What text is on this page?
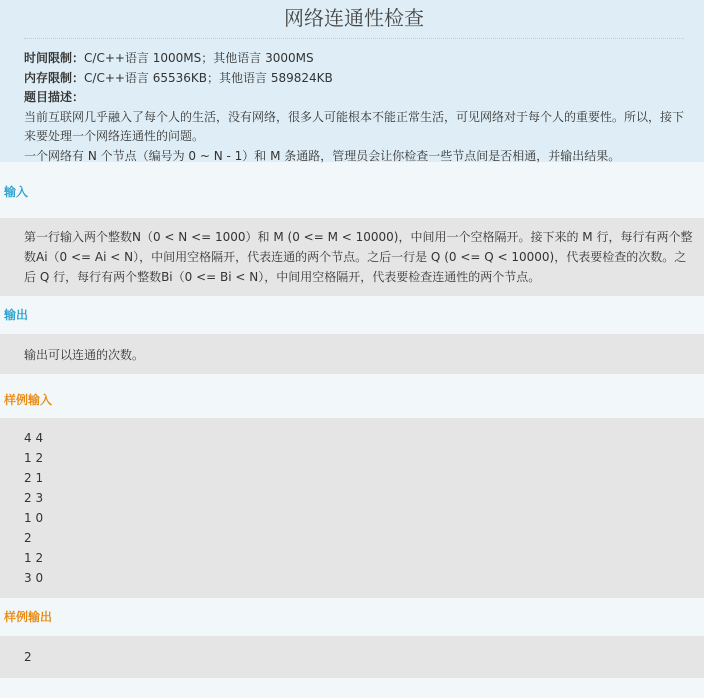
网络连通性检查
时间限制：C/C++语言 1000MS；其他语言 3000MS
内存限制：C/C++语言 65536KB；其他语言 589824KB
题目描述：
当前互联网几乎融入了每个人的生活，没有网络，很多人可能根本不能正常生活，可见网络对于每个人的重要性。所以，接下来要处理一个网络连通性的问题。
一个网络有 N 个节点（编号为 0 ~ N - 1）和 M 条通路，管理员会让你检查一些节点间是否相通，并输出结果。
输入
第一行输入两个整数N（0 < N <= 1000）和 M (0 <= M < 10000)，中间用一个空格隔开。接下来的 M 行，每行有两个整数Ai（0 <= Ai < N），中间用空格隔开，代表连通的两个节点。之后一行是 Q (0 <= Q < 10000)，代表要检查的次数。之后 Q 行，每行有两个整数Bi（0 <= Bi < N），中间用空格隔开，代表要检查连通性的两个节点。
输出
输出可以连通的次数。
样例输入
4 4
1 2
2 1
2 3
1 0
2
1 2
3 0
样例输出
2
